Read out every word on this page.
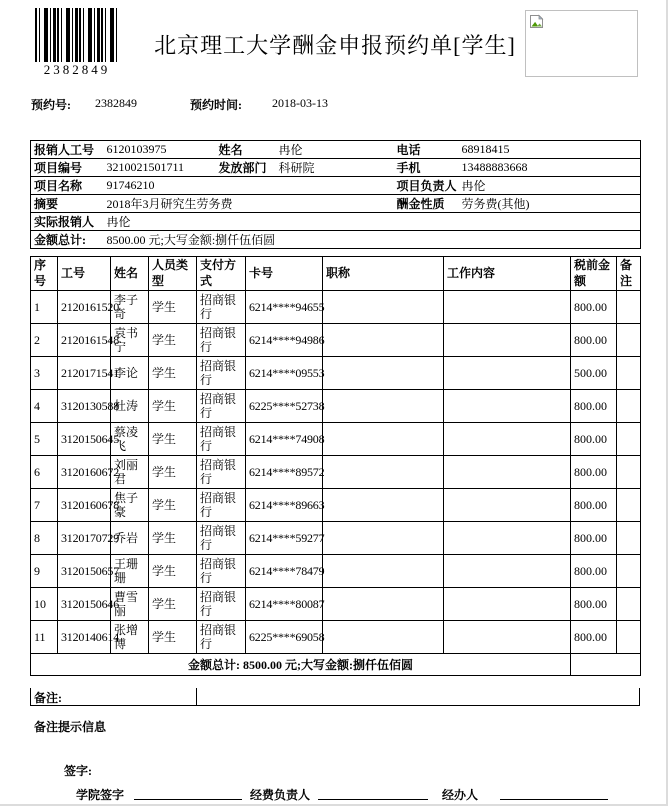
2382849
北京理工大学酬金申报预约单[学生]
预约号: 2382849	预约时间:	2018-03-13
报销人工号	6120103975	姓名	冉伦	电话	68918415
项目编号	3210021501711	发放部门	科研院	手机	13488883668
项目名称	91746210			项目负责人	冉伦
摘要	2018年3月研究生劳务费			酬金性质	劳务费(其他)
实际报销人	冉伦				
金额总计:	8500.00 元;大写金额:捌仟伍佰圆				
序号	工号	姓名	人员类型	支付方式	卡号	职称	工作内容	税前金额	备注
1	2120161520	李子奇	学生	招商银行	6214****94655			800.00	
2	2120161548	袁书宁	学生	招商银行	6214****94986			800.00	
3	2120171541	李论	学生	招商银行	6214****09553			500.00	
4	3120130588	杜涛	学生	招商银行	6225****52738			800.00	
5	3120150645	蔡凌飞	学生	招商银行	6214****74908			800.00	
6	3120160672	刘丽君	学生	招商银行	6214****89572			800.00	
7	3120160678	焦子豪	学生	招商银行	6214****89663			800.00	
8	3120170729	乔岩	学生	招商银行	6214****59277			800.00	
9	3120150657	王珊珊	学生	招商银行	6214****78479			800.00	
10	3120150646	曹雪丽	学生	招商银行	6214****80087			800.00	
11	3120140614	张增博	学生	招商银行	6225****69058			800.00	
金额总计: 8500.00 元;大写金额:捌仟伍佰圆									
备注:
备注提示信息
签字:
学院签字	经费负责人	经办人
